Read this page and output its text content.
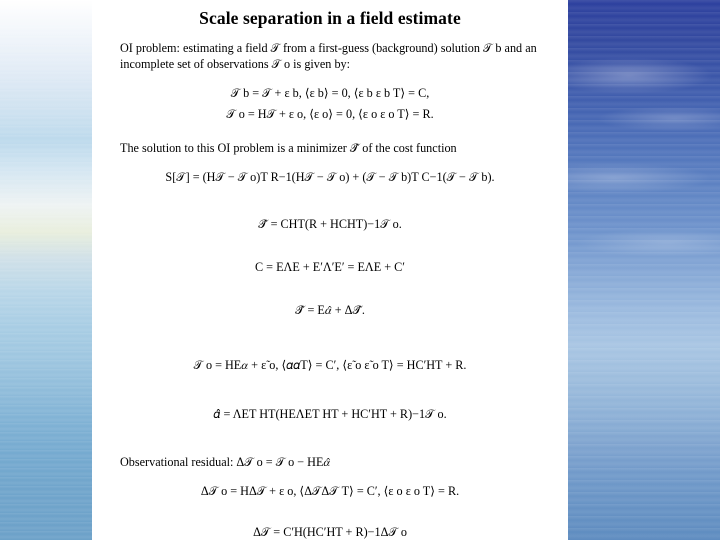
Scale separation in a field estimate
OI problem: estimating a field 𝒯 from a first-guess (background) solution 𝒯 b and an incomplete set of observations 𝒯 o is given by:
𝒯 b = 𝒯 + ε b, ⟨ε b⟩ = 0, ⟨ε b ε b T⟩ = C,
𝒯 o = H𝒯 + ε o, ⟨ε o⟩ = 0, ⟨ε o ε o T⟩ = R.
The solution to this OI problem is a minimizer 𝒯̂ of the cost function
S[𝒯] = (H𝒯 − 𝒯 o)T R−1(H𝒯 − 𝒯 o) + (𝒯 − 𝒯 b)T C−1(𝒯 − 𝒯 b).
𝒯̂ = CHT(R + HCHT)−1𝒯 o.
C = EΛE + E′Λ′E′ = EΛE + C′
𝒯̂ = E𝛼̂ + Δ𝒯̂.
𝒯 o = HE𝛼 + ε̃ o, ⟨𝛼𝛼T⟩ = C′, ⟨ε̃ o ε̃ o T⟩ = HC′HT + R.
𝛼̂ = ΛET HT(HEΛET HT + HC′HT + R)−1𝒯 o.
Observational residual: Δ𝒯 o = 𝒯 o − HE𝛼̂
Δ𝒯 o = HΔ𝒯 + ε o, ⟨Δ𝒯Δ𝒯 T⟩ = C′, ⟨ε o ε o T⟩ = R.
Δ𝒯 = C′H(HC′HT + R)−1Δ𝒯 o
